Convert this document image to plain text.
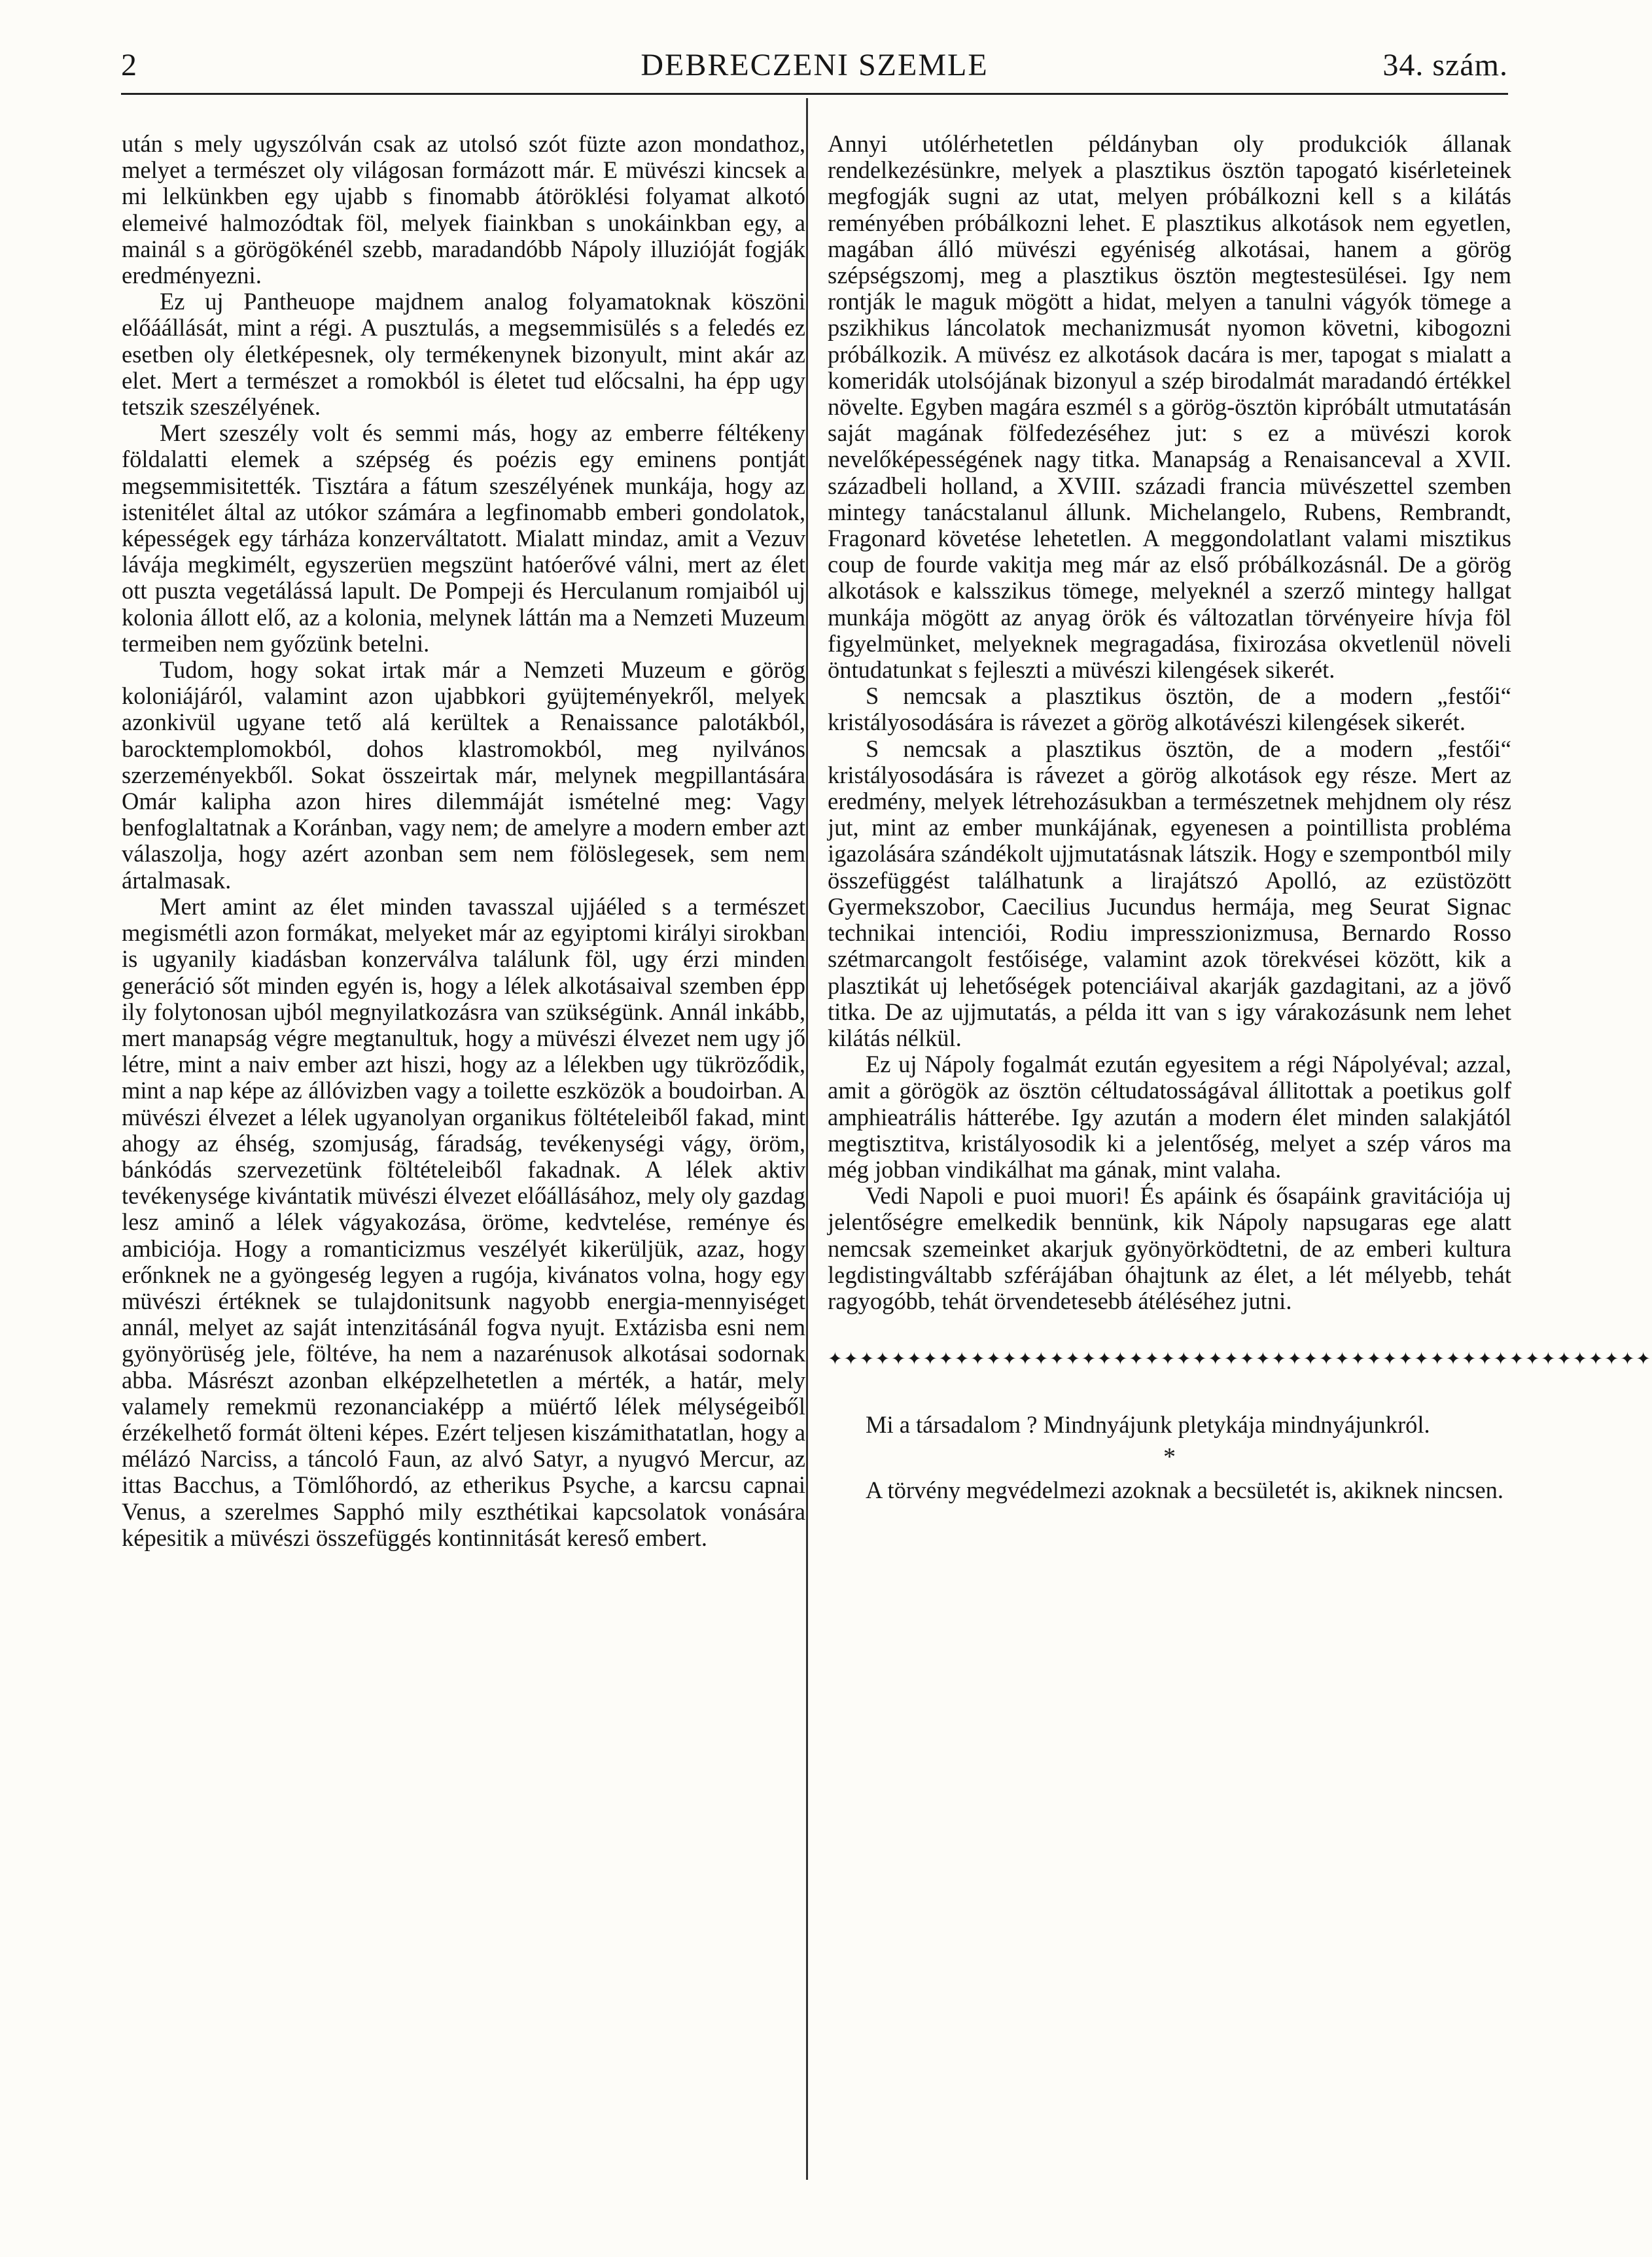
2	DEBRECZENI SZEMLE	34. szám.

után s mely ugyszólván csak az utolsó szót füzte azon mondathoz, melyet a természet oly világosan formázott már. E müvészi kincsek a mi lelkünkben egy ujabb s finomabb átöröklési folyamat alkotó elemeivé halmozódtak föl, melyek fiainkban s unokáinkban egy, a mainál s a görögökénél szebb, maradandóbb Nápoly illuzióját fogják eredményezni.

Ez uj Pantheuope majdnem analog folyamatoknak köszöni előáállását, mint a régi. A pusztulás, a megsemmisülés s a feledés ez esetben oly életképesnek, oly termékenynek bizonyult, mint akár az elet. Mert a természet a romokból is életet tud előcsalni, ha épp ugy tetszik szeszélyének.

Mert szeszély volt és semmi más, hogy az emberre féltékeny földalatti elemek a szépség és poézis egy eminens pontját megsemmisitették. Tisztára a fátum szeszélyének munkája, hogy az istenitélet által az utókor számára a legfinomabb emberi gondolatok, képességek egy tárháza konzerváltatott. Mialatt mindaz, amit a Vezuv lávája megkimélt, egyszerüen megszünt hatóerővé válni, mert az élet ott puszta vegetálássá lapult. De Pompeji és Herculanum romjaiból uj kolonia állott elő, az a kolonia, melynek láttán ma a Nemzeti Muzeum termeiben nem győzünk betelni.

Tudom, hogy sokat irtak már a Nemzeti Muzeum e görög koloniájáról, valamint azon ujabbkori gyüjteményekről, melyek azonkivül ugyane tető alá kerültek a Renaissance palotákból, barocktemplomokból, dohos klastromokból, meg nyilvános szerzeményekből. Sokat összeirtak már, melynek megpillantására Omár kalipha azon hires dilemmáját ismételné meg: Vagy benfoglaltatnak a Koránban, vagy nem; de amelyre a modern ember azt válaszolja, hogy azért azonban sem nem fölöslegesek, sem nem ártalmasak.

Mert amint az élet minden tavasszal ujjáéled s a természet megismétli azon formákat, melyeket már az egyiptomi királyi sirokban is ugyanily kiadásban konzerválva találunk föl, ugy érzi minden generáció sőt minden egyén is, hogy a lélek alkotásaival szemben épp ily folytonosan ujból megnyilatkozásra van szükségünk. Annál inkább, mert manapság végre megtanultuk, hogy a müvészi élvezet nem ugy jő létre, mint a naiv ember azt hiszi, hogy az a lélekben ugy tükröződik, mint a nap képe az állóvizben vagy a toilette eszközök a boudoirban. A müvészi élvezet a lélek ugyanolyan organikus föltételeiből fakad, mint ahogy az éhség, szomjuság, fáradság, tevékenységi vágy, öröm, bánkódás szervezetünk föltételeiből fakadnak. A lélek aktiv tevékenysége kivántatik müvészi élvezet előállásához, mely oly gazdag lesz aminő a lélek vágyakozása, öröme, kedvtelése, reménye és ambiciója. Hogy a romanticizmus veszélyét kikerüljük, azaz, hogy erőnknek ne a gyöngeség legyen a rugója, kivánatos volna, hogy egy müvészi értéknek se tulajdonitsunk nagyobb energia-mennyiséget annál, melyet az saját intenzitásánál fogva nyujt. Extázisba esni nem gyönyörüség jele, föltéve, ha nem a nazarénusok alkotásai sodornak abba. Másrészt azonban elképzelhetetlen a mérték, a határ, mely valamely remekmü rezonanciaképp a müértő lélek mélységeiből érzékelhető formát ölteni képes. Ezért teljesen kiszámithatatlan, hogy a mélázó Narciss, a táncoló Faun, az alvó Satyr, a nyugvó Mercur, az ittas Bacchus, a Tömlőhordó, az etherikus Psyche, a karcsu capnai Venus, a szerelmes Sapphó mily eszthétikai kapcsolatok vonására képesitik a müvészi összefüggés kontinnitását kereső embert.

Annyi utólérhetetlen példányban oly produkciók állanak rendelkezésünkre, melyek a plasztikus ösztön tapogató kisérleteinek megfogják sugni az utat, melyen próbálkozni kell s a kilátás reményében próbálkozni lehet. E plasztikus alkotások nem egyetlen, magában álló müvészi egyéniség alkotásai, hanem a görög szépségszomj, meg a plasztikus ösztön megtestesülései. Igy nem rontják le maguk mögött a hidat, melyen a tanulni vágyók tömege a pszikhikus láncolatok mechanizmusát nyomon követni, kibogozni próbálkozik. A müvész ez alkotások dacára is mer, tapogat s mialatt a komeridák utolsójának bizonyul a szép birodalmát maradandó értékkel növelte. Egyben magára eszmél s a görög-ösztön kipróbált utmutatásán saját magának fölfedezéséhez jut: s ez a müvészi korok nevelőképességének nagy titka. Manapság a Renaisanceval a XVII. századbeli holland, a XVIII. századi francia müvészettel szemben mintegy tanácstalanul állunk. Michelangelo, Rubens, Rembrandt, Fragonard követése lehetetlen. A meggondolatlant valami misztikus coup de fourde vakitja meg már az első próbálkozásnál. De a görög alkotások e kalsszikus tömege, melyeknél a szerző mintegy hallgat munkája mögött az anyag örök és változatlan törvényeire hívja föl figyelmünket, melyeknek megragadása, fixirozása okvetlenül növeli öntudatunkat s fejleszti a müvészi kilengések sikerét.

S nemcsak a plasztikus ösztön, de a modern „festői“ kristályosodására is rávezet a görög alkotávészi kilengések sikerét.

S nemcsak a plasztikus ösztön, de a modern „festői“ kristályosodására is rávezet a görög alkotások egy része. Mert az eredmény, melyek létrehozásukban a természetnek mehjdnem oly rész jut, mint az ember munkájának, egyenesen a pointillista probléma igazolására szándékolt ujjmutatásnak látszik. Hogy e szempontból mily összefüggést találhatunk a lirajátszó Apolló, az ezüstözött Gyermekszobor, Caecilius Jucundus hermája, meg Seurat Signac technikai intenciói, Rodiu impresszionizmusa, Bernardo Rosso szétmarcangolt festőisége, valamint azok törekvései között, kik a plasztikát uj lehetőségek potenciáival akarják gazdagitani, az a jövő titka. De az ujjmutatás, a példa itt van s igy várakozásunk nem lehet kilátás nélkül.

Ez uj Nápoly fogalmát ezután egyesitem a régi Nápolyéval; azzal, amit a görögök az ösztön céltudatosságával állitottak a poetikus golf amphieatrális hátterébe. Igy azután a modern élet minden salakjától megtisztitva, kristályosodik ki a jelentőség, melyet a szép város ma még jobban vindikálhat ma gának, mint valaha.

Vedi Napoli e puoi muori! És apáink és ősapáink gravitációja uj jelentőségre emelkedik bennünk, kik Nápoly napsugaras ege alatt nemcsak szemeinket akarjuk gyönyörködtetni, de az emberi kultura legdistingváltabb szférájában óhajtunk az élet, a lét mélyebb, tehát ragyogóbb, tehát örvendetesebb átéléséhez jutni.

✦✦✦✦✦✦✦✦✦✦✦✦✦✦✦✦✦✦✦✦✦✦✦✦✦✦✦✦✦✦✦✦✦✦✦✦✦✦✦✦✦✦✦✦✦✦✦✦✦✦✦✦

Mi a társadalom ? Mindnyájunk pletykája mindnyájunkról.

*

A törvény megvédelmezi azoknak a becsületét is, akiknek nincsen.
